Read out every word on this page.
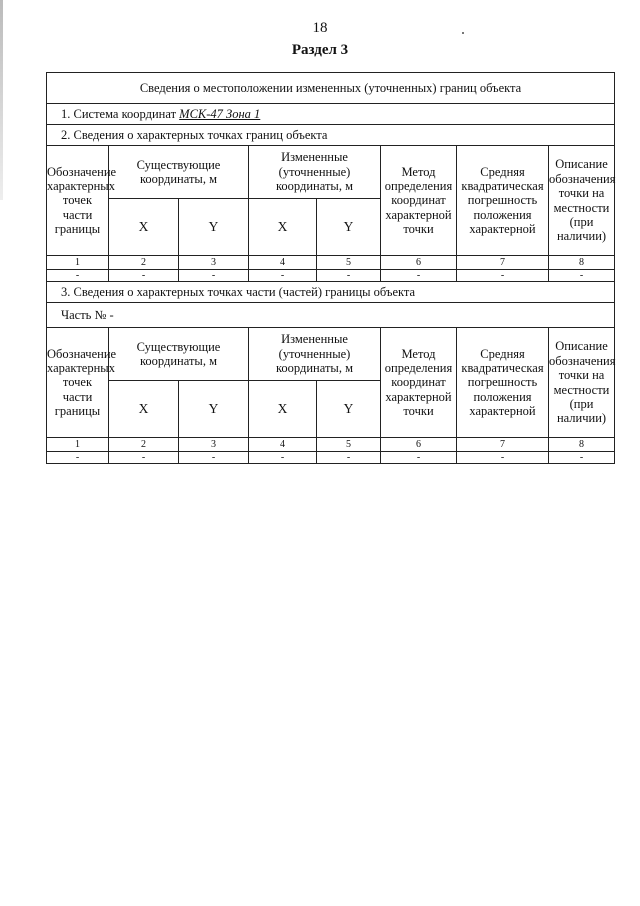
18
Раздел 3
Сведения о местоположении измененных (уточненных) границ объекта							
1. Система координат МСК-47 Зона 1							
2. Сведения о характерных точках границ объекта							
Обозначение характерных точек части границы	Существующие координаты, м		Измененные (уточненные) координаты, м		Метод определения координат характерной точки	Средняя квадратическая погрешность положения характерной	Описание обозначения точки на местности (при наличии)
	X	Y	X	Y			
1	2	3	4	5	6	7	8
-	-	-	-	-	-	-	-
3. Сведения о характерных точках части (частей) границы объекта							
Часть № -							
Обозначение характерных точек части границы	Существующие координаты, м		Измененные (уточненные) координаты, м		Метод определения координат характерной точки	Средняя квадратическая погрешность положения характерной	Описание обозначения точки на местности (при наличии)
	X	Y	X	Y			
1	2	3	4	5	6	7	8
-	-	-	-	-	-	-	-
